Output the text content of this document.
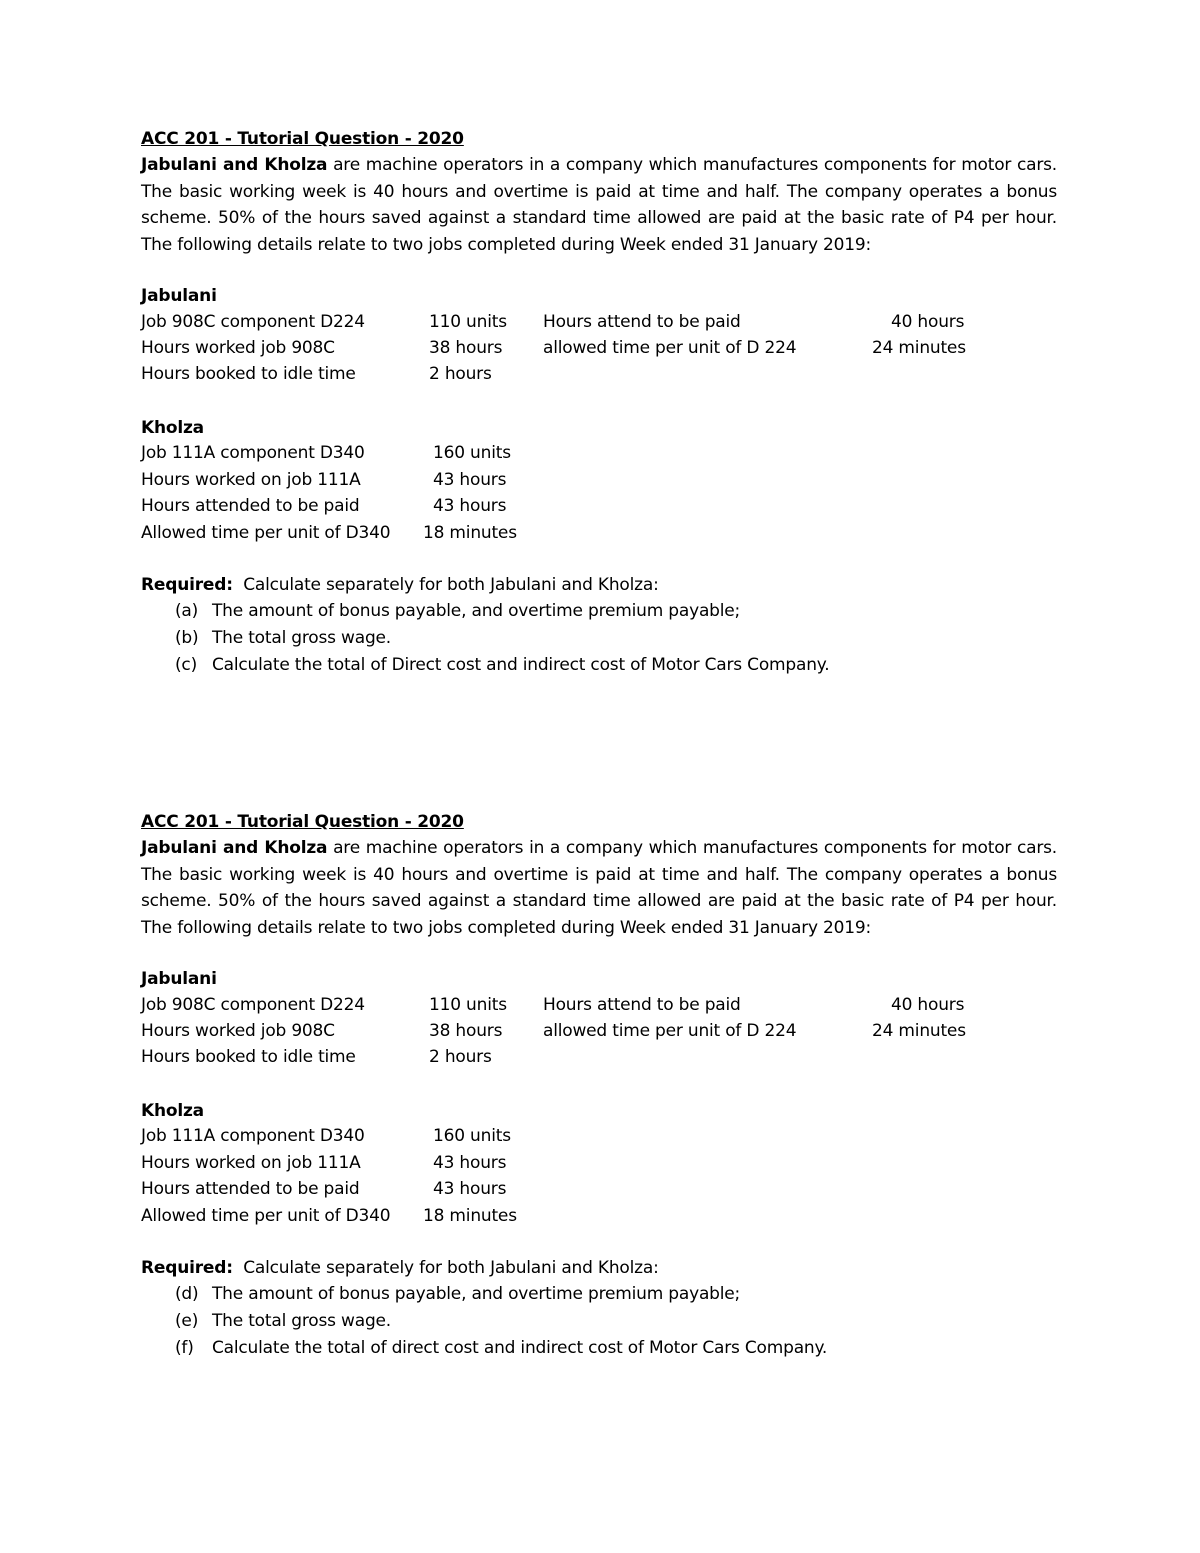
ACC 201 - Tutorial Question - 2020
Jabulani and Kholza are machine operators in a company which manufactures components for motor cars. The basic working week is 40 hours and overtime is paid at time and half. The company operates a bonus scheme. 50% of the hours saved against a standard time allowed are paid at the basic rate of P4 per hour. The following details relate to two jobs completed during Week ended 31 January 2019:
Jabulani
Job 908C component D224	110 units Hours attend to be paid	40 hours
Hours worked job 908C	38 hours allowed time per unit of D 224	24 minutes
Hours booked to idle time	2 hours
Kholza
Job 111A component D340	160 units
Hours worked on job 111A	43 hours
Hours attended to be paid	43 hours
Allowed time per unit of D340 18 minutes
Required:  Calculate separately for both Jabulani and Kholza:
(a) The amount of bonus payable, and overtime premium payable;
(b) The total gross wage.
(c) Calculate the total of Direct cost and indirect cost of Motor Cars Company.
ACC 201 - Tutorial Question - 2020
Jabulani and Kholza are machine operators in a company which manufactures components for motor cars. The basic working week is 40 hours and overtime is paid at time and half. The company operates a bonus scheme. 50% of the hours saved against a standard time allowed are paid at the basic rate of P4 per hour. The following details relate to two jobs completed during Week ended 31 January 2019:
Jabulani
Job 908C component D224	110 units Hours attend to be paid	40 hours
Hours worked job 908C	38 hours allowed time per unit of D 224	24 minutes
Hours booked to idle time	2 hours
Kholza
Job 111A component D340	160 units
Hours worked on job 111A	43 hours
Hours attended to be paid	43 hours
Allowed time per unit of D340 18 minutes
Required:  Calculate separately for both Jabulani and Kholza:
(d) The amount of bonus payable, and overtime premium payable;
(e) The total gross wage.
(f) Calculate the total of direct cost and indirect cost of Motor Cars Company.
